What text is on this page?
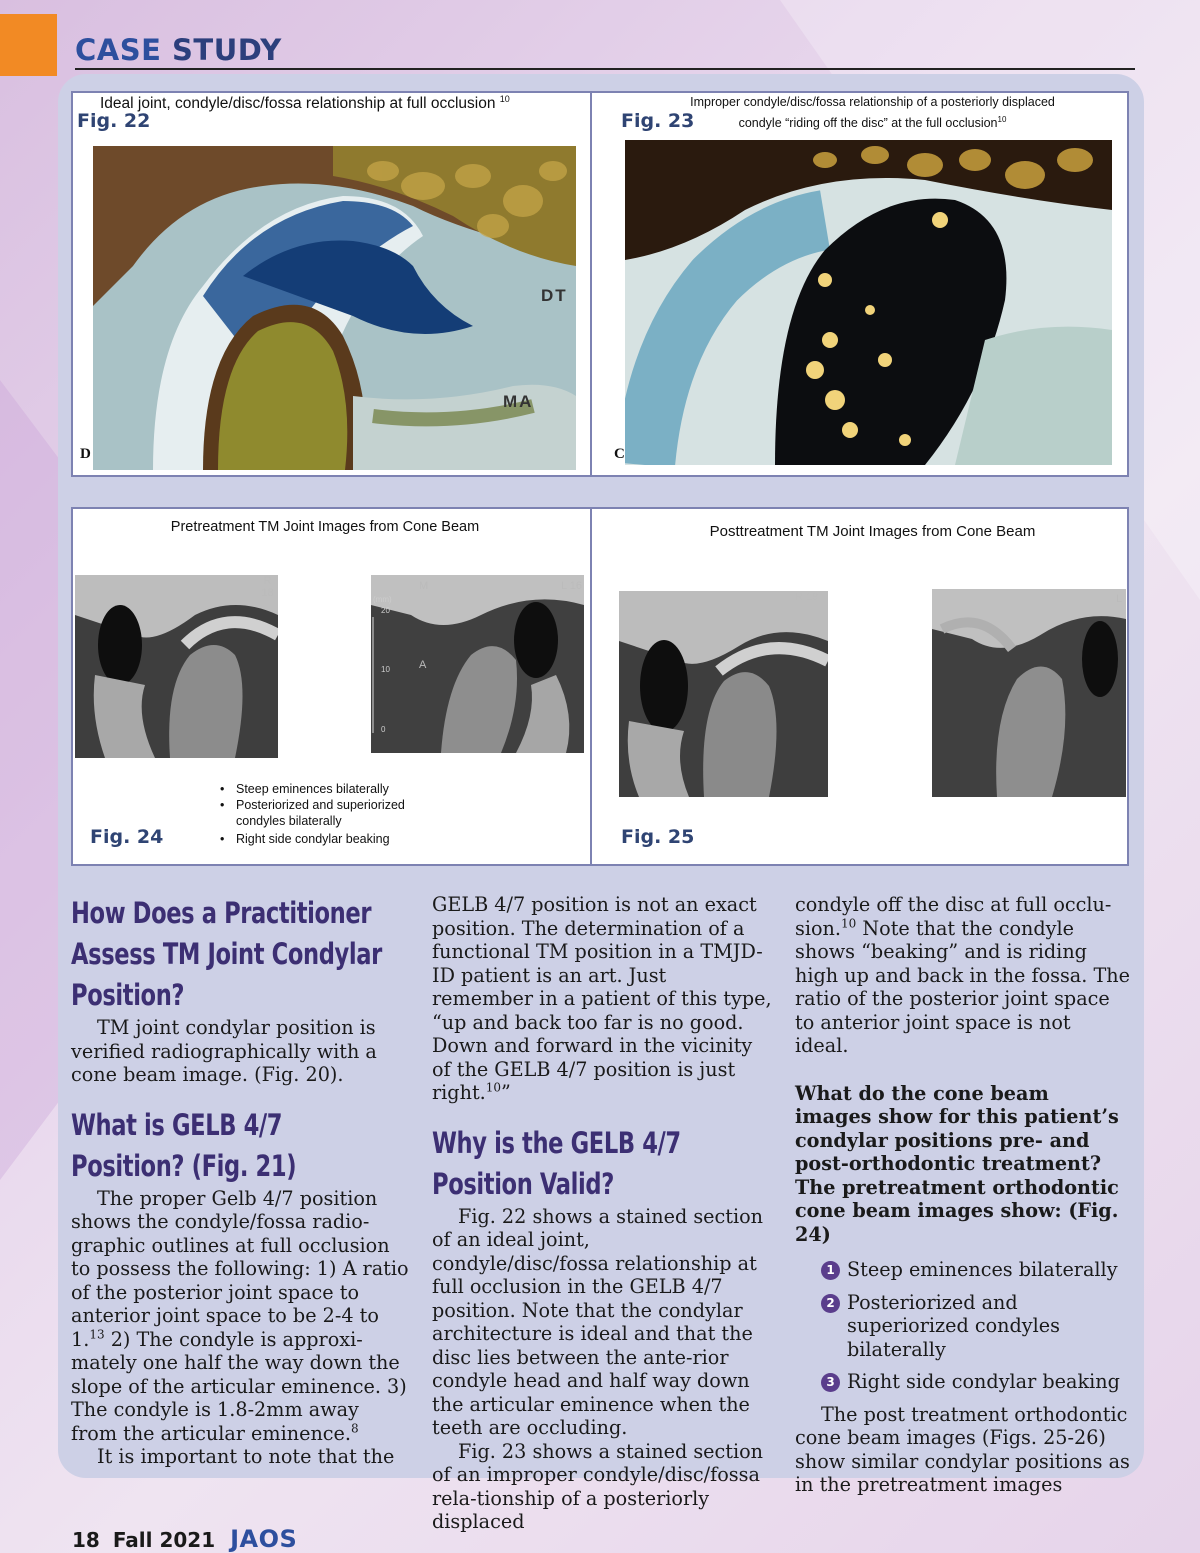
CASE STUDY
Ideal joint, condyle/disc/fossa relationship at full occlusion $^{10}$
Fig. 22
DT
MA
D
Improper condyle/disc/fossa relationship of a posteriorly displaced
condyle “riding off the disc” at the full occlusion$^{10}$
Fig. 23
C
Pretreatment TM Joint Images from Cone Beam
R 18
M	L 16
(mm)
20
10
0
A
• Steep eminences bilaterally
• Posteriorized and superiorized condyles bilaterally
• Right side condylar beaking
Fig. 24
Posttreatment TM Joint Images from Cone Beam
R 19	L
Fig. 25
How Does a Practitioner Assess TM Joint Condylar Position?

TM joint condylar position is verified radiographically with a cone beam image. (Fig. 20).

What is GELB 4/7 Position? (Fig. 21)

The proper Gelb 4/7 position shows the condyle/fossa radio-graphic outlines at full occlusion to possess the following: 1) A ratio of the posterior joint space to anterior joint space to be 2-4 to 1.13 2) The condyle is approxi-mately one half the way down the slope of the articular eminence. 3) The condyle is 1.8-2mm away from the articular eminence.$^8$

It is important to note that the

GELB 4/7 position is not an exact position. The determination of a functional TM position in a TMJD-ID patient is an art. Just remember in a patient of this type, “up and back too far is no good. Down and forward in the vicinity of the GELB 4/7 position is just right.$^{10}$”

Why is the GELB 4/7 Position Valid?

Fig. 22 shows a stained section of an ideal joint, condyle/disc/fossa relationship at full occlusion in the GELB 4/7 position. Note that the condylar architecture is ideal and that the disc lies between the ante-rior condyle head and half way down the articular eminence when the teeth are occluding.

Fig. 23 shows a stained section of an improper condyle/disc/fossa rela-tionship of a posteriorly displaced

condyle off the disc at full occlu-sion.$^{10}$ Note that the condyle shows “beaking” and is riding high up and back in the fossa. The ratio of the posterior joint space to anterior joint space is not ideal.

What do the cone beam images show for this patient’s condylar positions pre- and post-orthodontic treatment? The pretreatment orthodontic cone beam images show: (Fig. 24)
1 Steep eminences bilaterally
2 Posteriorized and superiorized condyles bilaterally
3 Right side condylar beaking

The post treatment orthodontic cone beam images (Figs. 25-26) show similar condylar positions as in the pretreatment images

18 Fall 2021 JAOS
